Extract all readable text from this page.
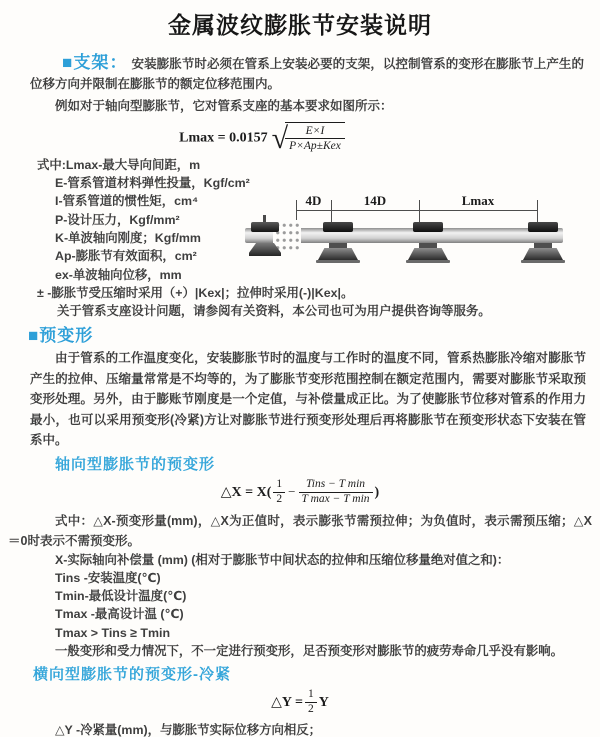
金属波纹膨胀节安装说明

■支架： 安装膨胀节时必须在管系上安装必要的支架，以控制管系的变形在膨胀节上产生的位移方向并限制在膨胀节的额定位移范围内。

例如对于轴向型膨胀节，它对管系支座的基本要求如图所示：

Lmax = 0.0157 √
$\frac{E\times I}{\text{P×Ap±Kex}}$
式中:Lmax-最大导向间距，m
E-管系管道材料弹性投量，Kgf/cm²
I-管系管道的惯性矩，cm⁴
P-设计压力，Kgf/mm²
K-单波轴向刚度；Kgf/mm
Ap-膨胀节有效面积，cm²
ex-单波轴向位移，mm
± -膨胀节受压缩时采用（+）|Kex|；拉伸时采用(-)|Kex|。
关于管系支座设计问题，请参阅有关资料，本公司也可为用户提供咨询等服务。
4D	14D	Lmax
■预变形

由于管系的工作温度变化，安装膨胀节时的温度与工作时的温度不同，管系热膨胀冷缩对膨胀节产生的拉伸、压缩量常常是不均等的，为了膨胀节变形范围控制在额定范围内，需要对膨胀节采取预变形处理。另外，由于膨账节刚度是一个定值，与补偿量成正比。为了使膨胀节位移对管系的作用力最小，也可以采用预变形(冷紧)方让对膨胀节进行预变形处理后再将膨胀节在预变形状态下安装在管系中。

轴向型膨胀节的预变形
△X = $X( \frac{1}{2} - \frac{\text{Tins − T min}}{\text{T max − T min}}$ )

式中：△X-预变形量(mm)，△X为正值时，表示膨张节需预拉伸；为负值时，表示需预压缩；△X＝0时表示不需预变形。

X-实际轴向补偿量 (mm) (相对于膨胀节中间状态的拉伸和压缩位移量绝对值之和)：
Tins -安装温度(℃)
Tmin-最低设计温度(℃)
Tmax -最高设计温 (℃)
Tmax > Tins ≥ Tmin
一般变形和受力情况下，不一定进行预变形，足否预变形对膨胀节的疲劳寿命几乎没有影响。
横向型膨胀节的预变形-冷紧
△Y = $\frac{1}{2}$ Y
△Y -冷紧量(mm)，与膨胀节实际位移方向相反；
